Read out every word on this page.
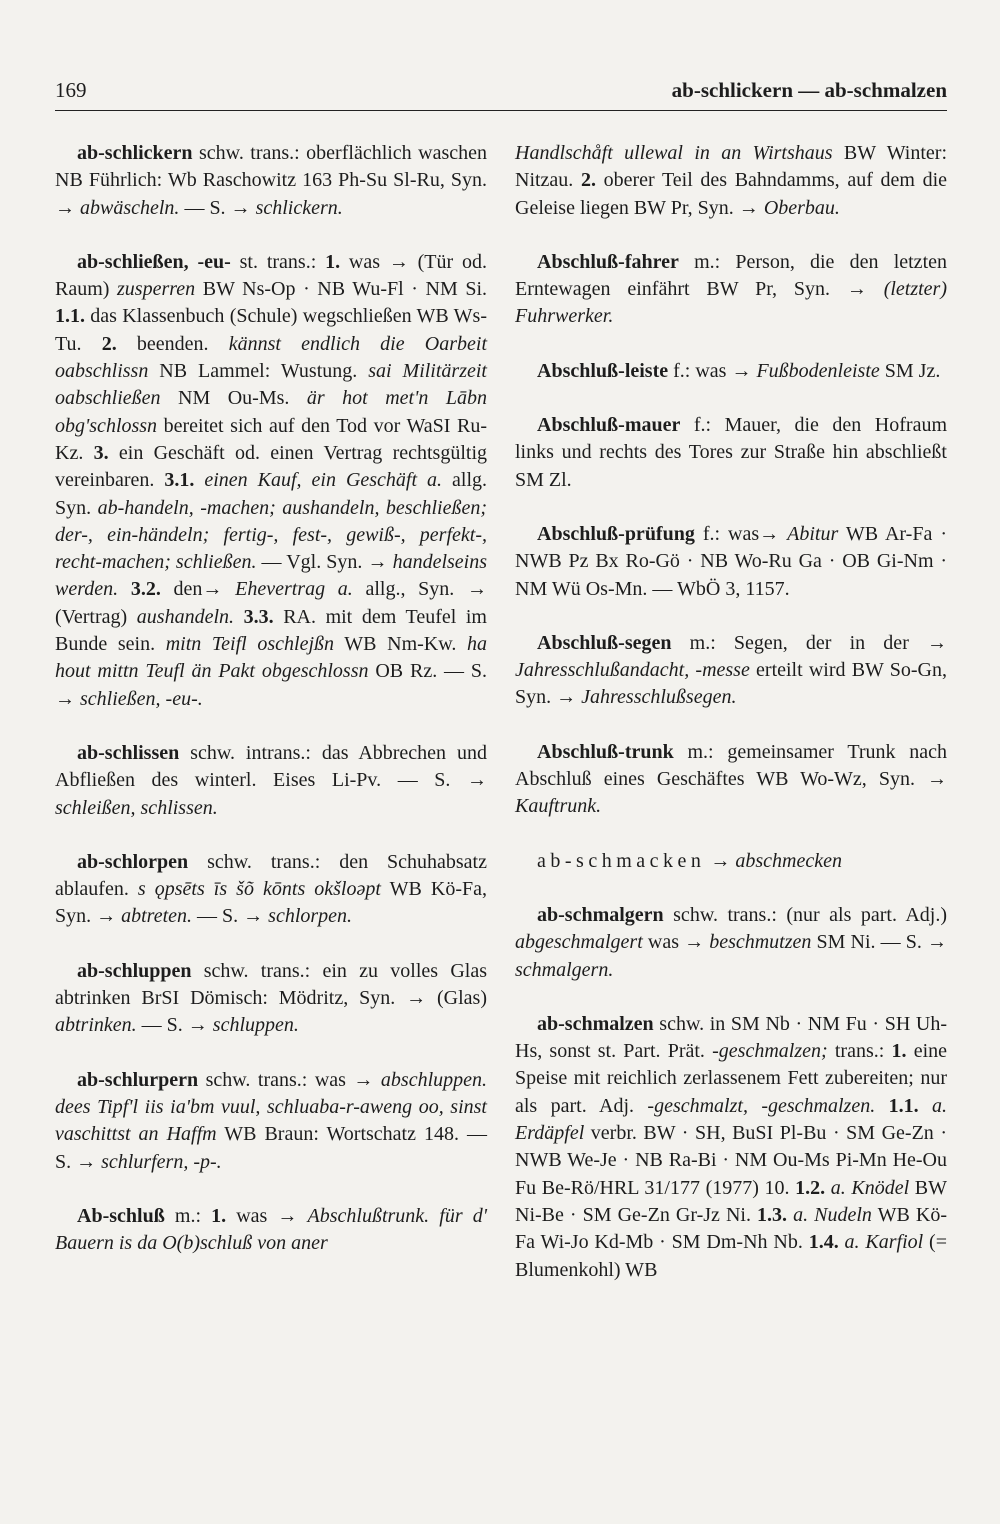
169	ab-schlickern — ab-schmalzen

ab-schlickern schw. trans.: oberflächlich waschen NB Führlich: Wb Raschowitz 163 Ph-Su Sl-Ru, Syn. → abwäscheln. — S. → schlickern.

ab-schließen, -eu- st. trans.: 1. was → (Tür od. Raum) zusperren BW Ns-Op · NB Wu-Fl · NM Si. 1.1. das Klassenbuch (Schule) wegschließen WB Ws-Tu. 2. beenden. kännst endlich die Oarbeit oabschlissn NB Lammel: Wustung. sai Militärzeit oabschließen NM Ou-Ms. är hot met'n Lābn obg'schlossn bereitet sich auf den Tod vor WaSI Ru-Kz. 3. ein Geschäft od. einen Vertrag rechtsgültig vereinbaren. 3.1. einen Kauf, ein Geschäft a. allg. Syn. ab-handeln, -machen; aushandeln, beschließen; der-, ein-händeln; fertig-, fest-, gewiß-, perfekt-, recht-machen; schließen. — Vgl. Syn. → handelseins werden. 3.2. den→ Ehevertrag a. allg., Syn. → (Vertrag) aushandeln. 3.3. RA. mit dem Teufel im Bunde sein. mitn Teifl oschlejßn WB Nm-Kw. ha hout mittn Teufl än Pakt obgeschlossn OB Rz. — S. → schließen, -eu-.

ab-schlissen schw. intrans.: das Abbrechen und Abfließen des winterl. Eises Li-Pv. — S. → schleißen, schlissen.

ab-schlorpen schw. trans.: den Schuhabsatz ablaufen. s ǫpsēts īs šõ kōnts okšloəpt WB Kö-Fa, Syn. → abtreten. — S. → schlorpen.

ab-schluppen schw. trans.: ein zu volles Glas abtrinken BrSI Dömisch: Mödritz, Syn. → (Glas) abtrinken. — S. → schluppen.

ab-schlurpern schw. trans.: was → abschluppen. dees Tipf'l iis ia'bm vuul, schluaba-r-aweng oo, sinst vaschittst an Haffm WB Braun: Wortschatz 148. — S. → schlurfern, -p-.

Ab-schluß m.: 1. was → Abschlußtrunk. für d' Bauern is da O(b)schluß von aner

Handlschåft ullewal in an Wirtshaus BW Winter: Nitzau. 2. oberer Teil des Bahndamms, auf dem die Geleise liegen BW Pr, Syn. → Oberbau.

Abschluß-fahrer m.: Person, die den letzten Erntewagen einfährt BW Pr, Syn. → (letzter) Fuhrwerker.

Abschluß-leiste f.: was → Fußbodenleiste SM Jz.

Abschluß-mauer f.: Mauer, die den Hofraum links und rechts des Tores zur Straße hin abschließt SM Zl.

Abschluß-prüfung f.: was→ Abitur WB Ar-Fa · NWB Pz Bx Ro-Gö · NB Wo-Ru Ga · OB Gi-Nm · NM Wü Os-Mn. — WbÖ 3, 1157.

Abschluß-segen m.: Segen, der in der → Jahresschlußandacht, -messe erteilt wird BW So-Gn, Syn. → Jahresschlußsegen.

Abschluß-trunk m.: gemeinsamer Trunk nach Abschluß eines Geschäftes WB Wo-Wz, Syn. → Kauftrunk.

ab-schmacken → abschmecken

ab-schmalgern schw. trans.: (nur als part. Adj.) abgeschmalgert was → beschmutzen SM Ni. — S. → schmalgern.

ab-schmalzen schw. in SM Nb · NM Fu · SH Uh-Hs, sonst st. Part. Prät. -geschmalzen; trans.: 1. eine Speise mit reichlich zerlassenem Fett zubereiten; nur als part. Adj. -geschmalzt, -geschmalzen. 1.1. a. Erdäpfel verbr. BW · SH, BuSI Pl-Bu · SM Ge-Zn · NWB We-Je · NB Ra-Bi · NM Ou-Ms Pi-Mn He-Ou Fu Be-Rö/HRL 31/177 (1977) 10. 1.2. a. Knödel BW Ni-Be · SM Ge-Zn Gr-Jz Ni. 1.3. a. Nudeln WB Kö-Fa Wi-Jo Kd-Mb · SM Dm-Nh Nb. 1.4. a. Karfiol (= Blumenkohl) WB
